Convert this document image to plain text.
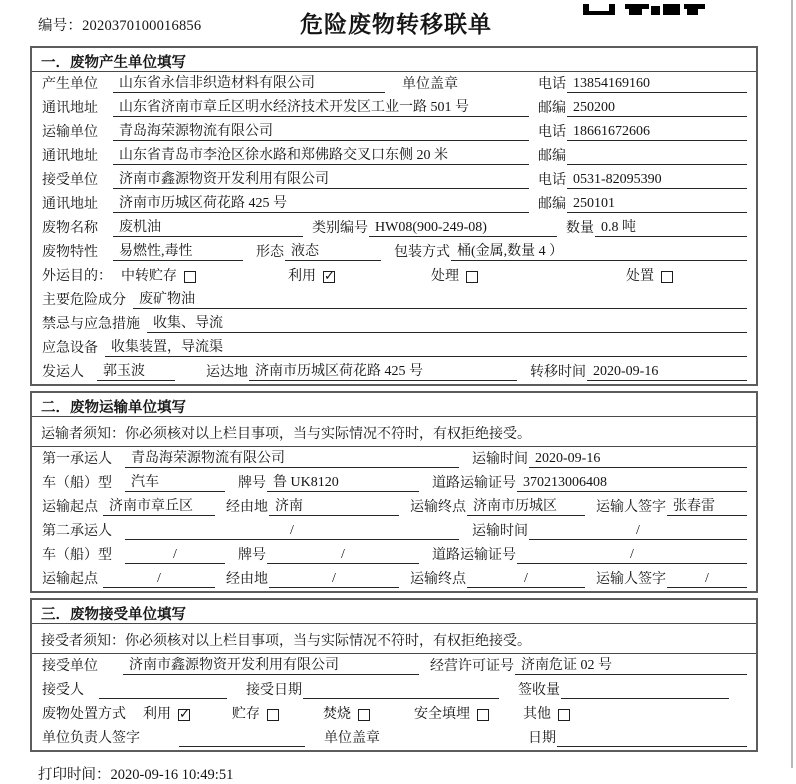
编号：2020370100016856	危险废物转移联单
一．废物产生单位填写
产生单位	山东省永信非织造材料有限公司	单位盖章	电话 13854169160
通讯地址	山东省济南市章丘区明水经济技术开发区工业一路 501 号	邮编 250200
运输单位	青岛海荣源物流有限公司	电话 18661672606
通讯地址	山东省青岛市李沧区徐水路和郑佛路交叉口东侧 20 米	邮编
接受单位	济南市鑫源物资开发利用有限公司	电话 0531-82095390
通讯地址	济南市历城区荷花路 425 号	邮编 250101
废物名称	废机油	类别编号 HW08(900-249-08)	数量 0.8 吨
废物特性	易燃性,毒性	形态 液态	包装方式 桶(金属,数量 4 ）
外运目的： 中转贮存	利用 ✓	处理	处置
主要危险成分 废矿物油
禁忌与应急措施 收集、导流
应急设备 收集装置，导流渠
发运人	郭玉波	运达地 济南市历城区荷花路 425 号	转移时间 2020-09-16
二．废物运输单位填写
运输者须知：你必须核对以上栏目事项，当与实际情况不符时，有权拒绝接受。
第一承运人	青岛海荣源物流有限公司	运输时间 2020-09-16
车（船）型	汽车	牌号 鲁 UK8120	道路运输证号 370213006408
运输起点 济南市章丘区	经由地 济南	运输终点 济南市历城区	运输人签字 张春雷
第二承运人	/	运输时间	/
车（船）型	/	牌号	/	道路运输证号	/
运输起点	/	经由地	/	运输终点	/	运输人签字	/
三．废物接受单位填写
接受者须知：你必须核对以上栏目事项，当与实际情况不符时，有权拒绝接受。
接受单位	济南市鑫源物资开发利用有限公司	经营许可证号 济南危证 02 号
接受人	接受日期	签收量
废物处置方式 利用 ✓	贮存	焚烧	安全填埋	其他
单位负责人签字	单位盖章	日期
打印时间：2020-09-16 10:49:51
